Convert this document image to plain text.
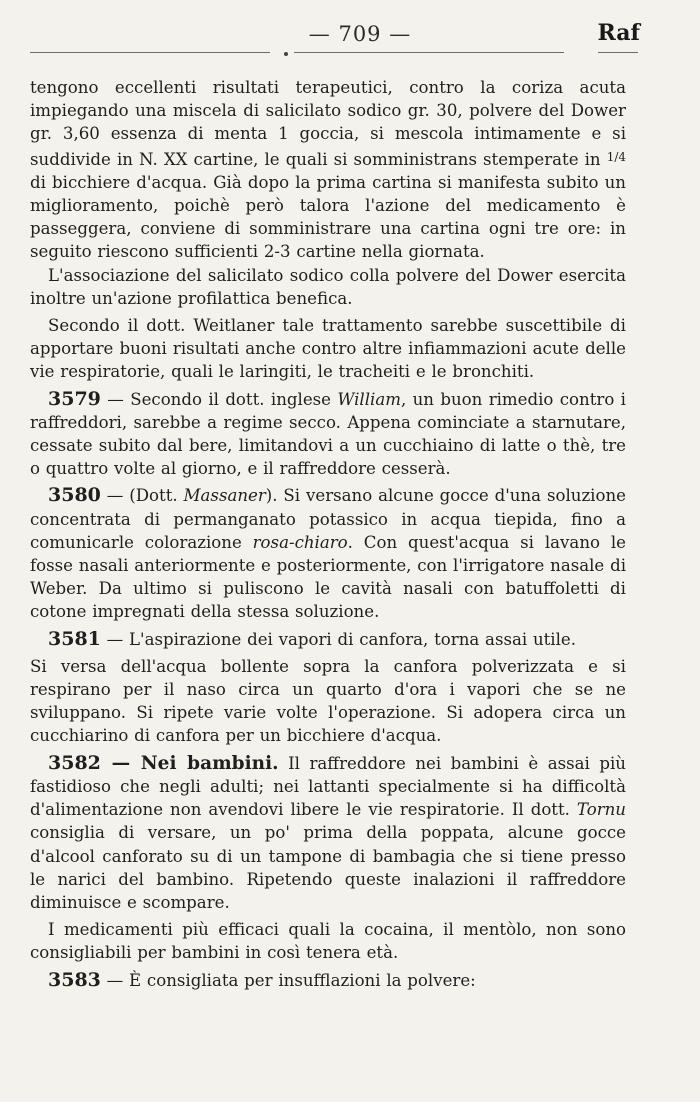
— 709 —	Raf

tengono eccellenti risultati terapeutici, contro la coriza acuta impiegando una miscela di salicilato sodico gr. 30, polvere del Dower gr. 3,60 essenza di menta 1 goccia, si mescola intimamente e si suddivide in N. XX cartine, le quali si somministrans stemperate in $^{1/4}$ di bicchiere d'acqua. Già dopo la prima cartina si manifesta subito un miglioramento, poichè però talora l'azione del medicamento è passeggera, conviene di somministrare una cartina ogni tre ore: in seguito riescono sufficienti 2-3 cartine nella giornata.

L'associazione del salicilato sodico colla polvere del Dower esercita inoltre un'azione profilattica benefica.

Secondo il dott. Weitlaner tale trattamento sarebbe suscettibile di apportare buoni risultati anche contro altre infiammazioni acute delle vie respiratorie, quali le laringiti, le tracheiti e le bronchiti.

3579 — Secondo il dott. inglese William, un buon rimedio contro i raffreddori, sarebbe a regime secco. Appena cominciate a starnutare, cessate subito dal bere, limitandovi a un cucchiaino di latte o thè, tre o quattro volte al giorno, e il raffreddore cesserà.

3580 — (Dott. Massaner). Si versano alcune gocce d'una soluzione concentrata di permanganato potassico in acqua tiepida, fino a comunicarle colorazione rosa-chiaro. Con quest'acqua si lavano le fosse nasali anteriormente e posteriormente, con l'irrigatore nasale di Weber. Da ultimo si puliscono le cavità nasali con batuffoletti di cotone impregnati della stessa soluzione.

3581 — L'aspirazione dei vapori di canfora, torna assai utile.

Si versa dell'acqua bollente sopra la canfora polverizzata e si respirano per il naso circa un quarto d'ora i vapori che se ne sviluppano. Si ripete varie volte l'operazione. Si adopera circa un cucchiarino di canfora per un bicchiere d'acqua.

3582 — Nei bambini. Il raffreddore nei bambini è assai più fastidioso che negli adulti; nei lattanti specialmente si ha difficoltà d'alimentazione non avendovi libere le vie respiratorie. Il dott. Tornu consiglia di versare, un po' prima della poppata, alcune gocce d'alcool canforato su di un tampone di bambagia che si tiene presso le narici del bambino. Ripetendo queste inalazioni il raffreddore diminuisce e scompare.

I medicamenti più efficaci quali la cocaina, il mentòlo, non sono consigliabili per bambini in così tenera età.

3583 — È consigliata per insufflazioni la polvere:
